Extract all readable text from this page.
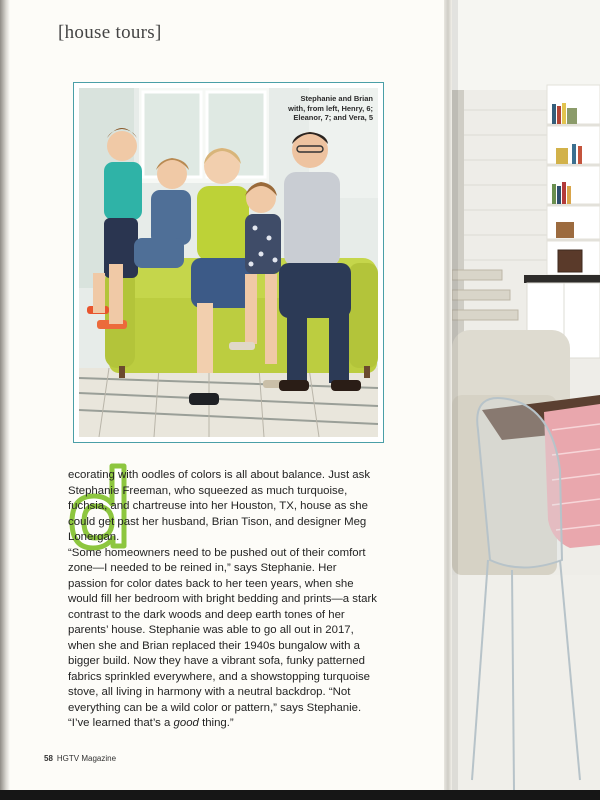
[house tours]
Stephanie and Brian with, from left, Henry, 6; Eleanor, 7; and Vera, 5

ecorating with oodles of colors is all about balance. Just ask Stephanie Freeman, who squeezed as much turquoise, fuchsia, and chartreuse into her Houston, TX, house as she could get past her husband, Brian Tison, and designer Meg Lonergan.

“Some homeowners need to be pushed out of their comfort zone—I needed to be reined in,” says Stephanie. Her passion for color dates back to her teen years, when she would fill her bedroom with bright bedding and prints—a stark contrast to the dark woods and deep earth tones of her parents’ house. Stephanie was able to go all out in 2017, when she and Brian replaced their 1940s bungalow with a bigger build. Now they have a vibrant sofa, funky patterned fabrics sprinkled everywhere, and a showstopping turquoise stove, all living in harmony with a neutral backdrop. “Not everything can be a wild color or pattern,” says Stephanie. “I’ve learned that’s a good thing.”

58 HGTV Magazine
